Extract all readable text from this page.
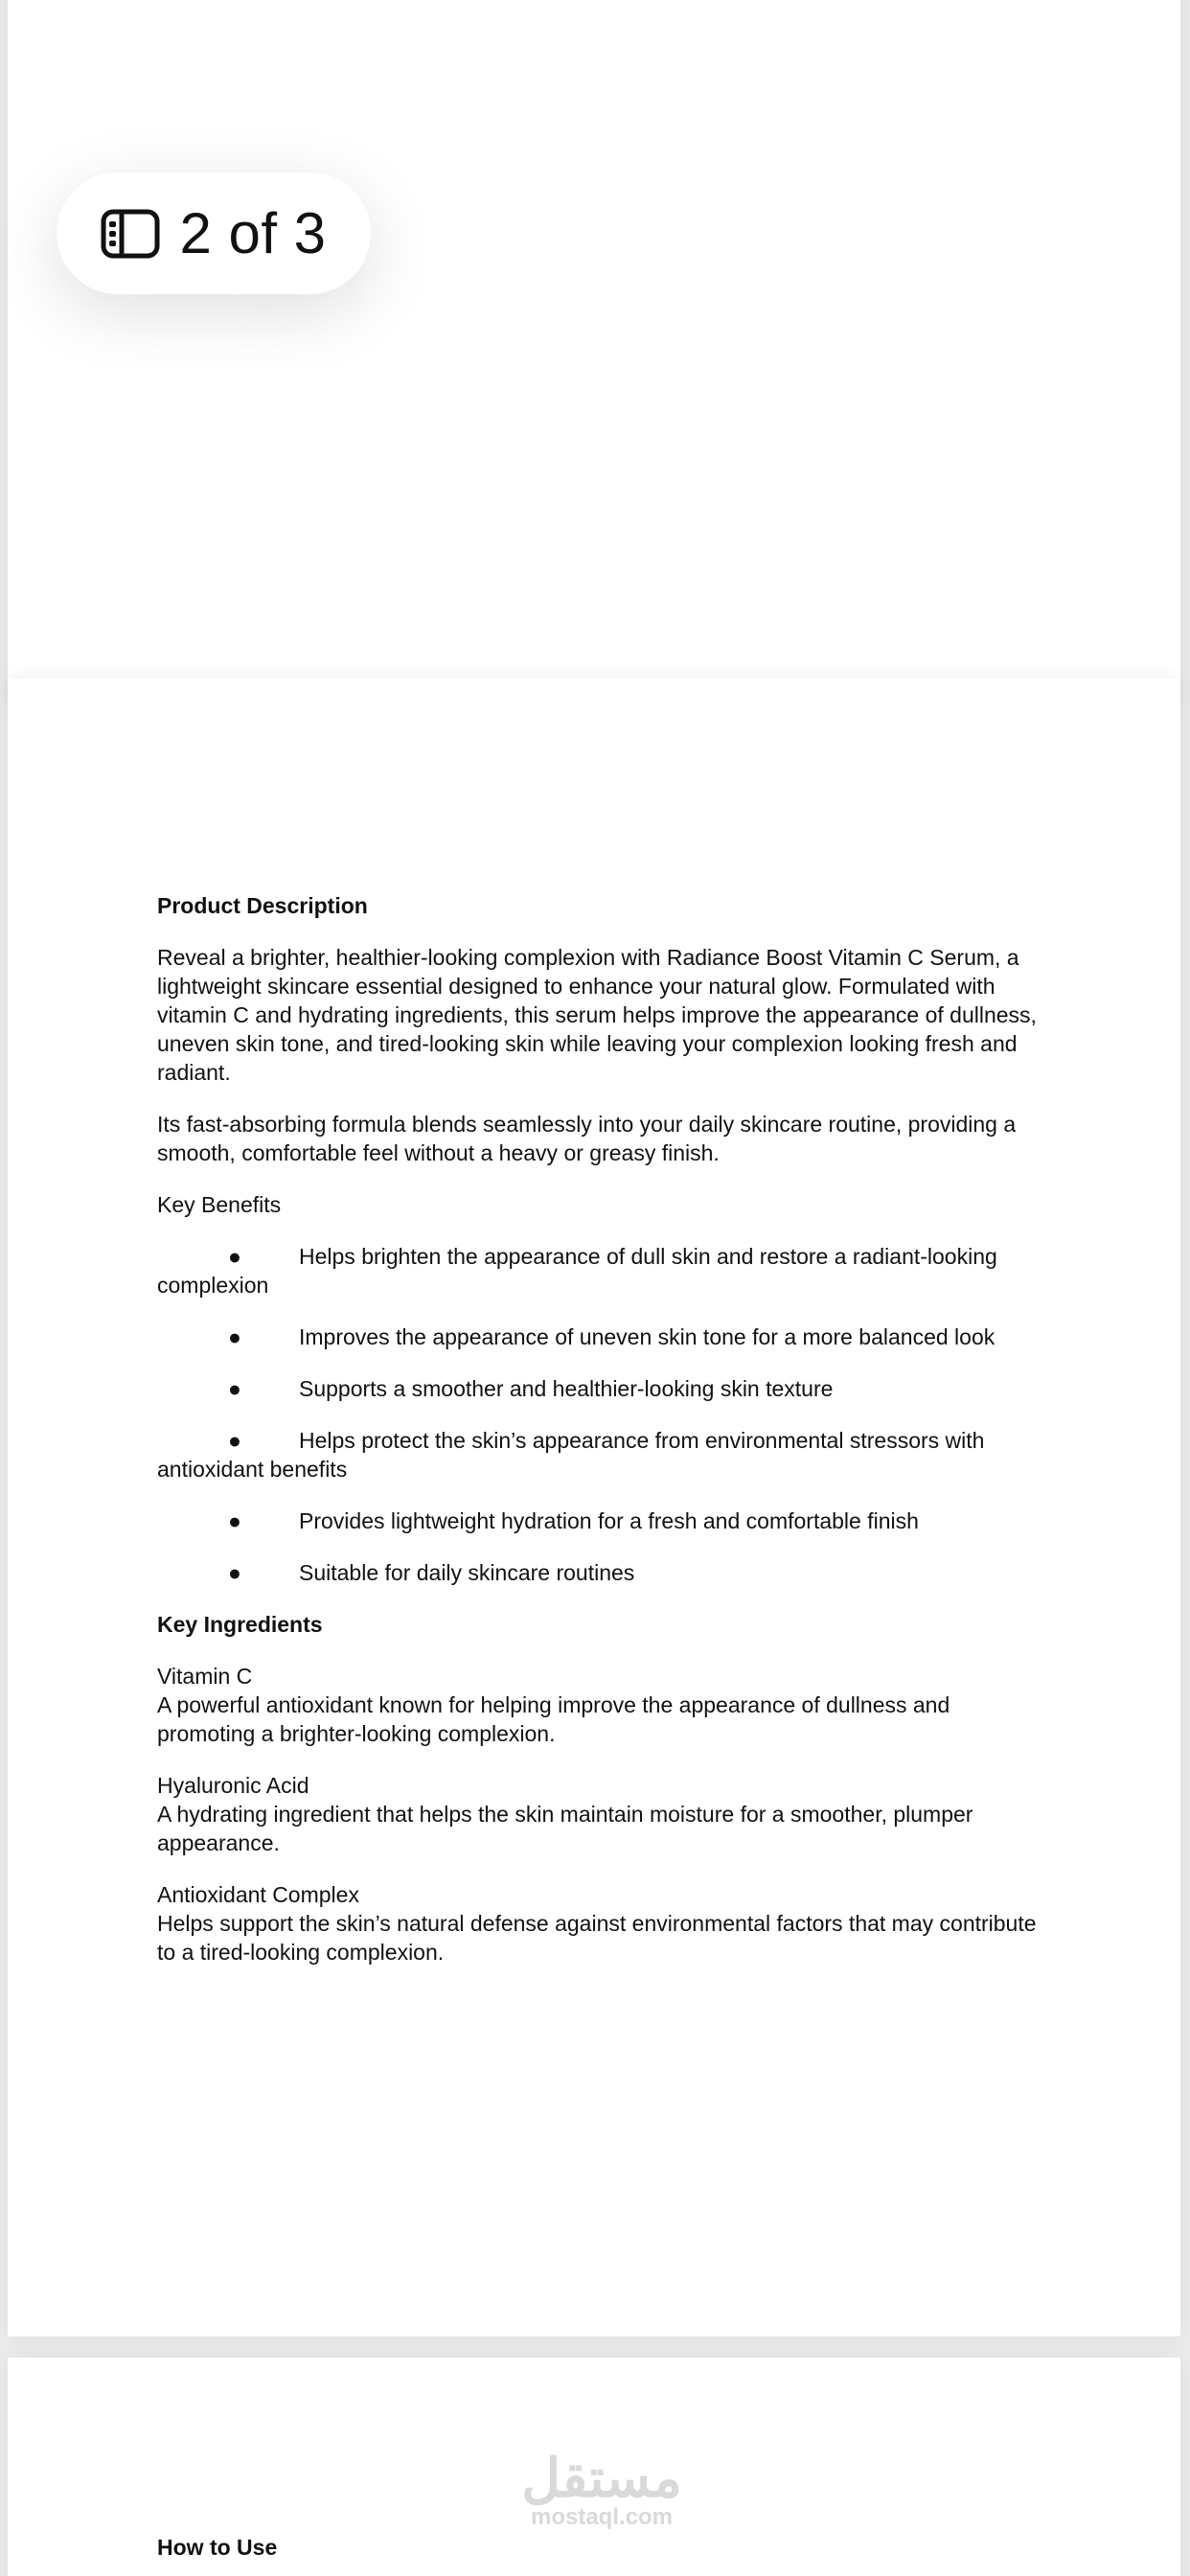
2 of 3

Product Description

Reveal a brighter, healthier-looking complexion with Radiance Boost Vitamin C Serum, a lightweight skincare essential designed to enhance your natural glow. Formulated with vitamin C and hydrating ingredients, this serum helps improve the appearance of dullness, uneven skin tone, and tired-looking skin while leaving your complexion looking fresh and radiant.

Its fast-absorbing formula blends seamlessly into your daily skincare routine, providing a smooth, comfortable feel without a heavy or greasy finish.

Key Benefits

●	Helps brighten the appearance of dull skin and restore a radiant-looking complexion

●	Improves the appearance of uneven skin tone for a more balanced look

●	Supports a smoother and healthier-looking skin texture

●	Helps protect the skin’s appearance from environmental stressors with antioxidant benefits

●	Provides lightweight hydration for a fresh and comfortable finish

●	Suitable for daily skincare routines

Key Ingredients

Vitamin C
A powerful antioxidant known for helping improve the appearance of dullness and promoting a brighter-looking complexion.

Hyaluronic Acid
A hydrating ingredient that helps the skin maintain moisture for a smoother, plumper appearance.

Antioxidant Complex
Helps support the skin’s natural defense against environmental factors that may contribute to a tired-looking complexion.

مستقل
mostaql.com

How to Use
